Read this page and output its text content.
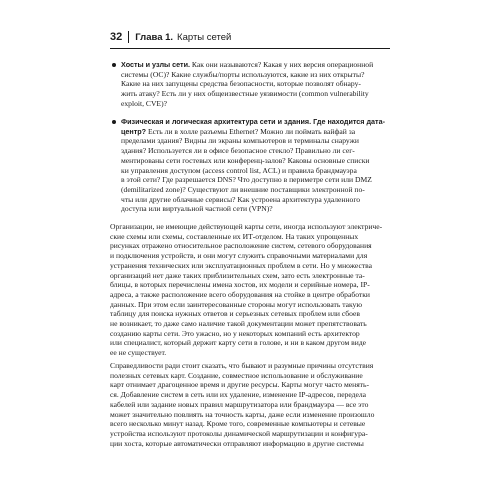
32 Глава 1. Карты сетей
Хосты и узлы сети. Как они называются? Какая у них версия операционной
системы (ОС)? Какие службы/порты используются, какие из них открыты?
Какие на них запущены средства безопасности, которые позволят обнару-
жить атаку? Есть ли у них общеизвестные уязвимости (common vulnerability
exploit, CVE)?
Физическая и логическая архитектура сети и здания. Где находится дата-
центр? Есть ли в холле разъемы Ethernet? Можно ли поймать вайфай за
пределами здания? Видны ли экраны компьютеров и терминалы снаружи
здания? Используется ли в офисе безопасное стекло? Правильно ли сег-
ментированы сети гостевых или конференц-залов? Каковы основные списки
ки управления доступом (access control list, ACL) и правила брандмауэра
в этой сети? Где разрешается DNS? Что доступно в периметре сети или DMZ
(demilitarized zone)? Существуют ли внешние поставщики электронной по-
чты или другие облачные сервисы? Как устроена архитектура удаленного
доступа или виртуальной частной сети (VPN)?
Организации, не имеющие действующей карты сети, иногда используют электриче-
ские схемы или схемы, составленные их ИТ-отделом. На таких упрощенных
рисунках отражено относительное расположение систем, сетевого оборудования
и подключения устройств, и они могут служить справочными материалами для
устранения технических или эксплуатационных проблем в сети. Но у множества
организаций нет даже таких приблизительных схем, зато есть электронные та-
блицы, в которых перечислены имена хостов, их модели и серийные номера, IP-
адреса, а также расположение всего оборудования на стойке в центре обработки
данных. При этом если заинтересованные стороны могут использовать такую
таблицу для поиска нужных ответов и серьезных сетевых проблем или сбоев
не возникает, то даже само наличие такой документации может препятствовать
созданию карты сети. Это ужасно, но у некоторых компаний есть архитектор
или специалист, который держит карту сети в голове, и ни в каком другом виде
ее не существует.
Справедливости ради стоит сказать, что бывают и разумные причины отсутствия
полезных сетевых карт. Создание, совместное использование и обслуживание
карт отнимает драгоценное время и другие ресурсы. Карты могут часто менять-
ся. Добавление систем в сеть или их удаление, изменение IP-адресов, передела
кабелей или задание новых правил маршрутизатора или брандмауэра — все это
может значительно повлиять на точность карты, даже если изменение произошло
всего несколько минут назад. Кроме того, современные компьютеры и сетевые
устройства используют протоколы динамической маршрутизации и конфигура-
ции хоста, которые автоматически отправляют информацию в другие системы
